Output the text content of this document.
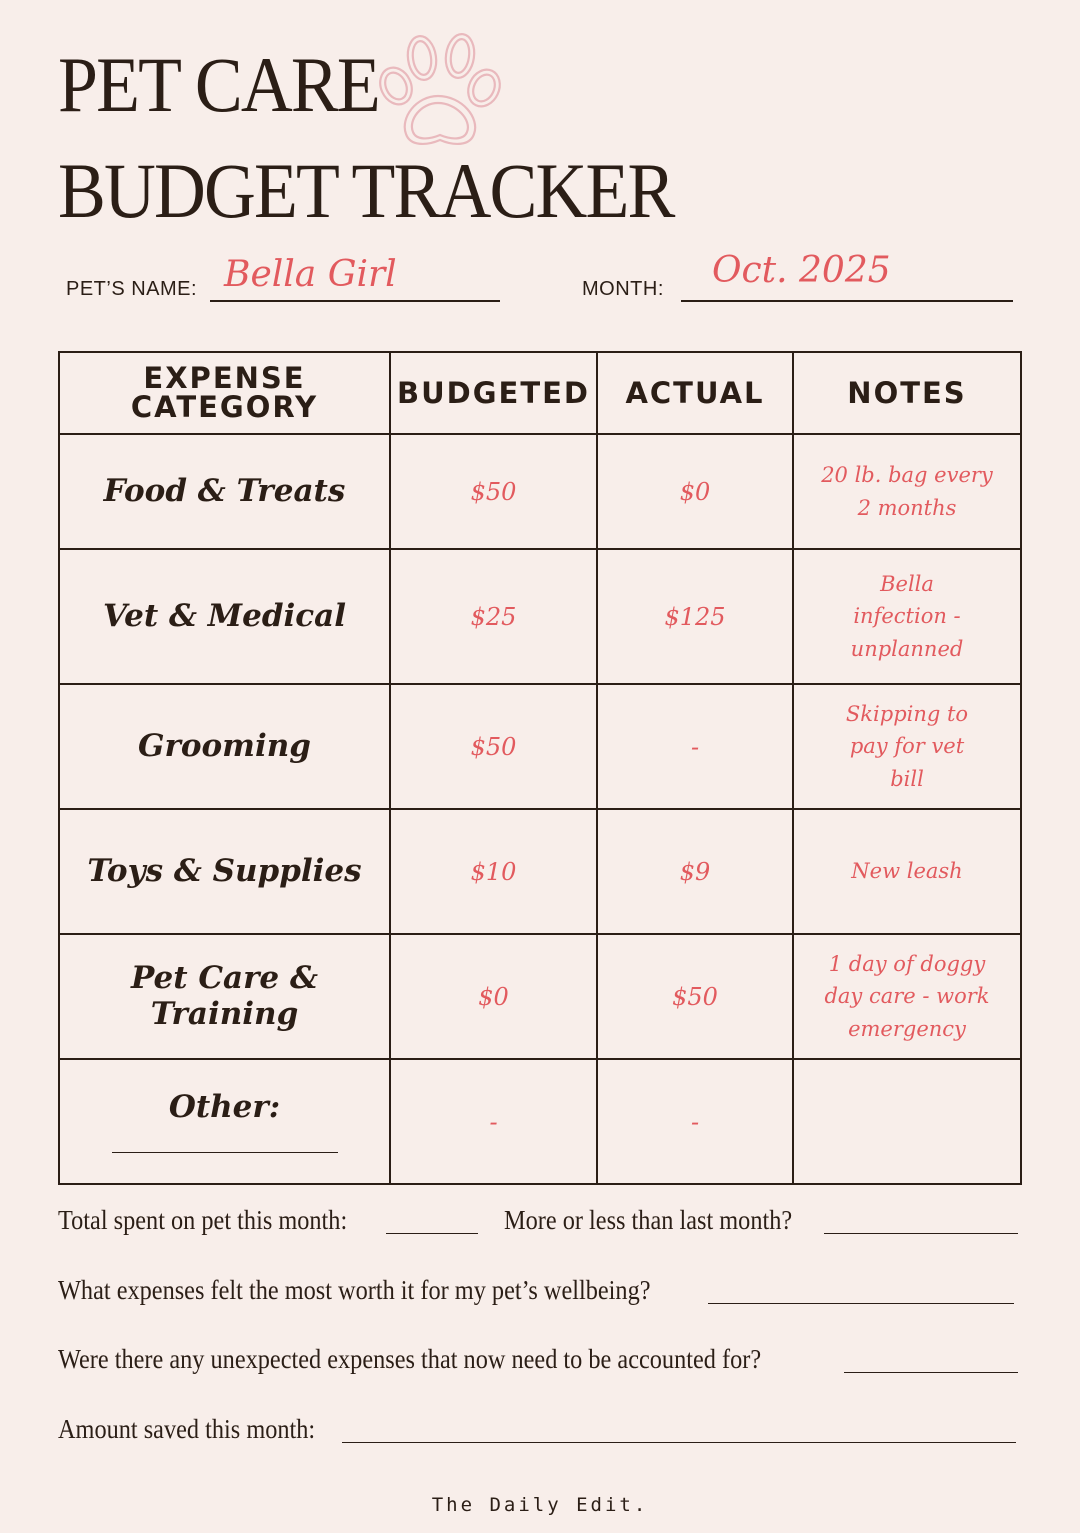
PET CARE
BUDGET TRACKER
PET’S NAME: Bella Girl	MONTH: Oct. 2025
EXPENSE
CATEGORY	BUDGETED	ACTUAL	NOTES
Food & Treats	$50	$0	20 lb. bag every
2 months
Vet & Medical	$25	$125	Bella
infection -
unplanned
Grooming	$50	-	Skipping to
pay for vet
bill
Toys & Supplies	$10	$9	New leash
Pet Care &
Training	$0	$50	1 day of doggy
day care - work
emergency
Other:	-	-	
Total spent on pet this month:	More or less than last month?
What expenses felt the most worth it for my pet’s wellbeing?
Were there any unexpected expenses that now need to be accounted for?
Amount saved this month:
The Daily Edit.
